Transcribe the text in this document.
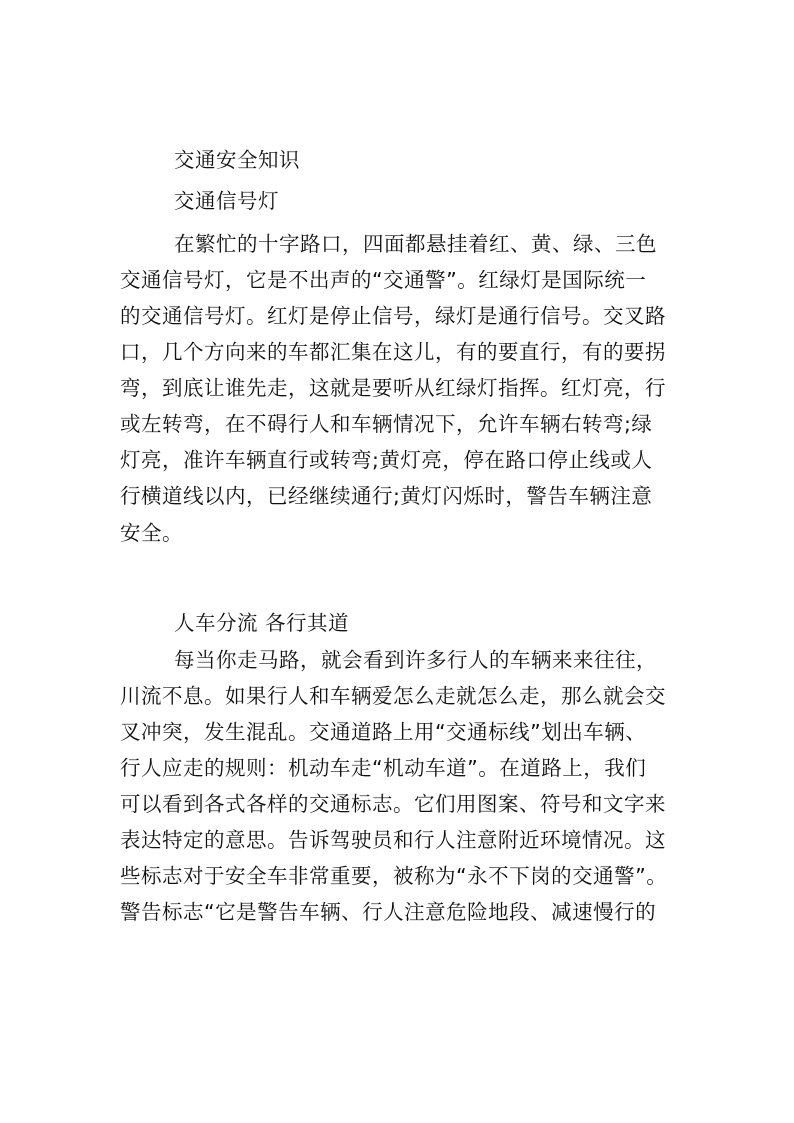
交通安全知识
交通信号灯
在繁忙的十字路口，四面都悬挂着红、黄、绿、三色
交通信号灯，它是不出声的“交通警”。红绿灯是国际统一
的交通信号灯。红灯是停止信号，绿灯是通行信号。交叉路
口，几个方向来的车都汇集在这儿，有的要直行，有的要拐
弯，到底让谁先走，这就是要听从红绿灯指挥。红灯亮，行
或左转弯，在不碍行人和车辆情况下，允许车辆右转弯;绿
灯亮，准许车辆直行或转弯;黄灯亮，停在路口停止线或人
行横道线以内，已经继续通行;黄灯闪烁时，警告车辆注意
安全。
人车分流 各行其道
每当你走马路，就会看到许多行人的车辆来来往往，
川流不息。如果行人和车辆爱怎么走就怎么走，那么就会交
叉冲突，发生混乱。交通道路上用“交通标线”划出车辆、
行人应走的规则：机动车走“机动车道”。在道路上，我们
可以看到各式各样的交通标志。它们用图案、符号和文字来
表达特定的意思。告诉驾驶员和行人注意附近环境情况。这
些标志对于安全车非常重要，被称为“永不下岗的交通警”。
警告标志“它是警告车辆、行人注意危险地段、减速慢行的
